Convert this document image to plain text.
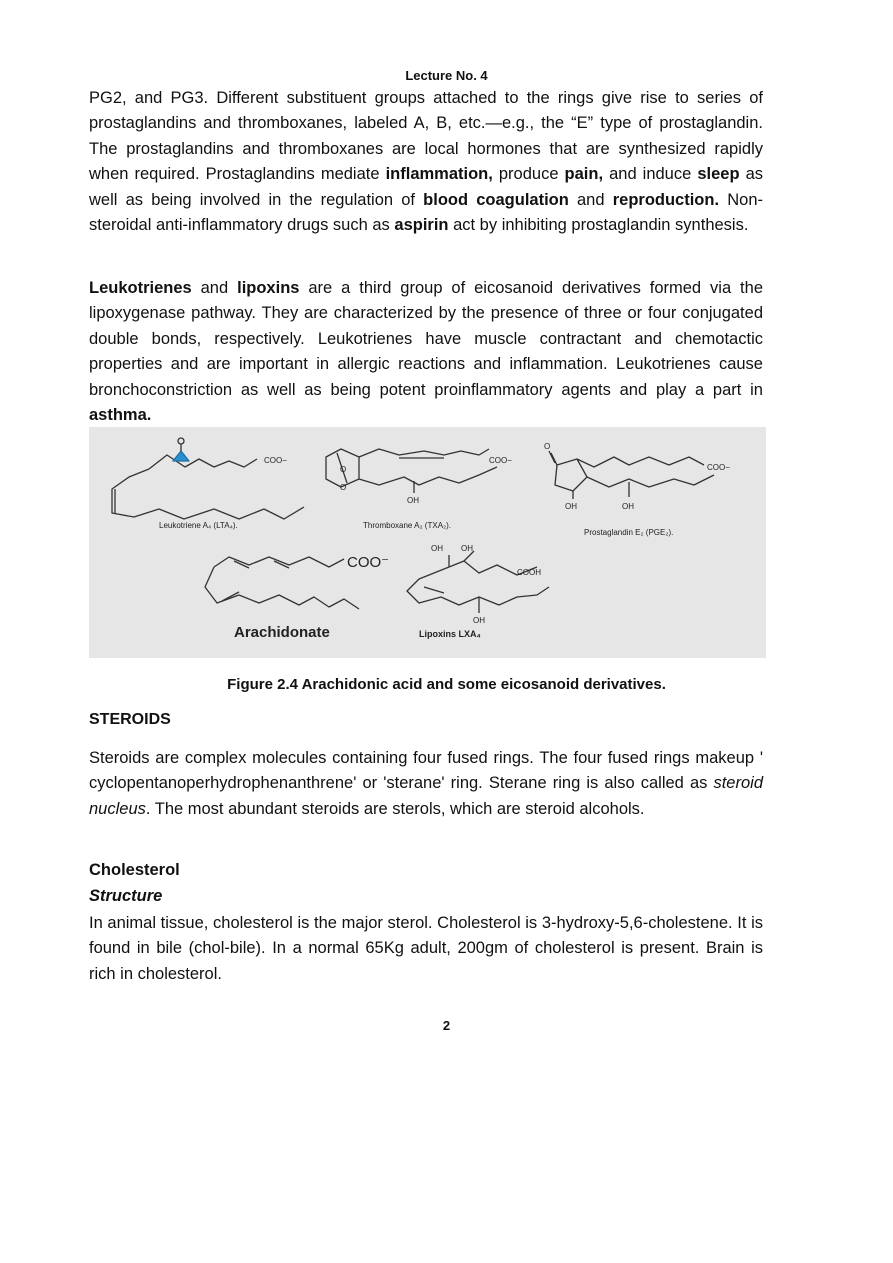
Lecture No. 4

PG2, and PG3. Different substituent groups attached to the rings give rise to series of prostaglandins and thromboxanes, labeled A, B, etc.—e.g., the “E” type of prostaglandin. The prostaglandins and thromboxanes are local hormones that are synthesized rapidly when required. Prostaglandins mediate inflammation, produce pain, and induce sleep as well as being involved in the regulation of blood coagulation and reproduction. Non-steroidal anti-inflammatory drugs such as aspirin act by inhibiting prostaglandin synthesis.

Leukotrienes and lipoxins are a third group of eicosanoid derivatives formed via the lipoxygenase pathway. They are characterized by the presence of three or four conjugated double bonds, respectively. Leukotrienes have muscle contractant and chemotactic properties and are important in allergic reactions and inflammation. Leukotrienes cause bronchoconstriction as well as being potent proinflammatory agents and play a part in asthma.

COO−	COO−
COO−
OH
OH	OH
O
O
O
OH OH
OH
COOH
Leukotriene A₄ (LTA₄).	Thromboxane A₂ (TXA₂).
Prostaglandin E₂ (PGE₂).
COO⁻
Arachidonate	Lipoxins LXA₄
Figure 2.4 Arachidonic acid and some eicosanoid derivatives.
STEROIDS

Steroids are complex molecules containing four fused rings. The four fused rings makeup ' cyclopentanoperhydrophenanthrene' or 'sterane' ring. Sterane ring is also called as steroid nucleus. The most abundant steroids are sterols, which are steroid alcohols.

Cholesterol
Structure

In animal tissue, cholesterol is the major sterol. Cholesterol is 3-hydroxy-5,6-cholestene. It is found in bile (chol-bile). In a normal 65Kg adult, 200gm of cholesterol is present. Brain is rich in cholesterol.

2
